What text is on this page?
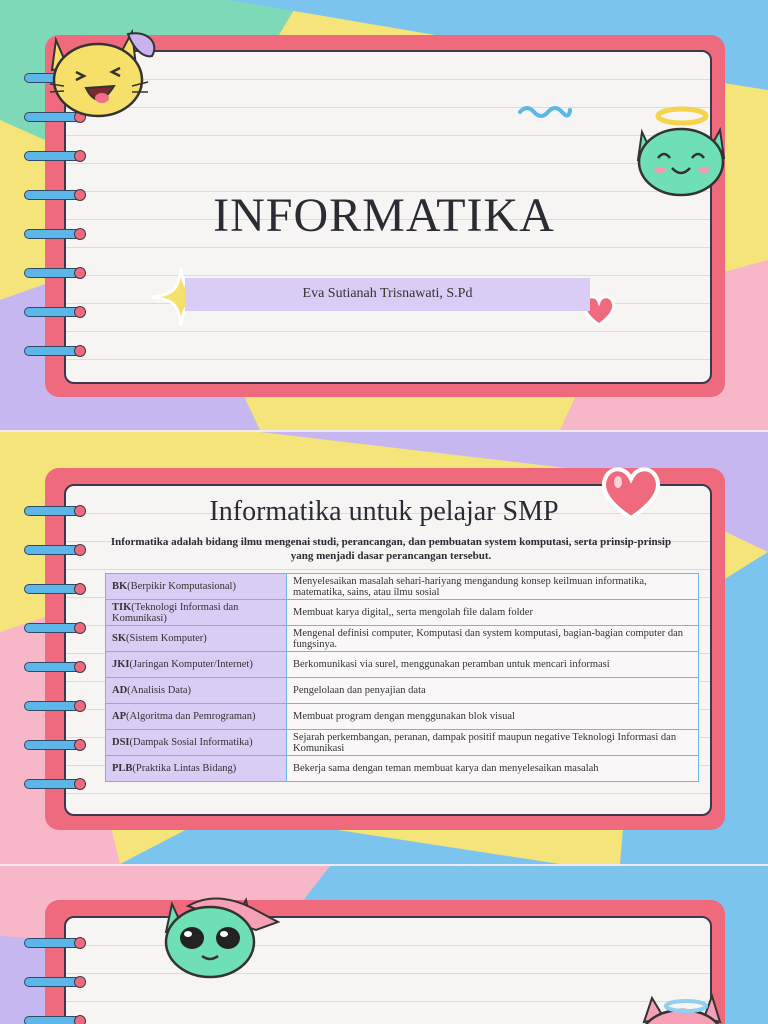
INFORMATIKA
Eva Sutianah Trisnawati, S.Pd
Informatika untuk pelajar SMP
Informatika adalah bidang ilmu mengenai studi, perancangan, dan pembuatan system komputasi, serta prinsip-prinsip yang menjadi dasar perancangan tersebut.
BK(Berpikir Komputasional)	Menyelesaikan masalah sehari-hariyang mengandung konsep keilmuan informatika, matematika, sains, atau ilmu sosial
TIK(Teknologi Informasi dan Komunikasi)	Membuat karya digital,, serta mengolah file dalam folder
SK(Sistem Komputer)	Mengenal definisi computer, Komputasi dan system komputasi, bagian-bagian computer dan fungsinya.
JKI(Jaringan Komputer/Internet)	Berkomunikasi via surel, menggunakan peramban untuk mencari informasi
AD(Analisis Data)	Pengelolaan dan penyajian data
AP(Algoritma dan Pemrograman)	Membuat program dengan menggunakan blok visual
DSI(Dampak Sosial Informatika)	Sejarah perkembangan, peranan, dampak positif maupun negative Teknologi Informasi dan Komunikasi
PLB(Praktika Lintas Bidang)	Bekerja sama dengan teman membuat karya dan menyelesaikan masalah
